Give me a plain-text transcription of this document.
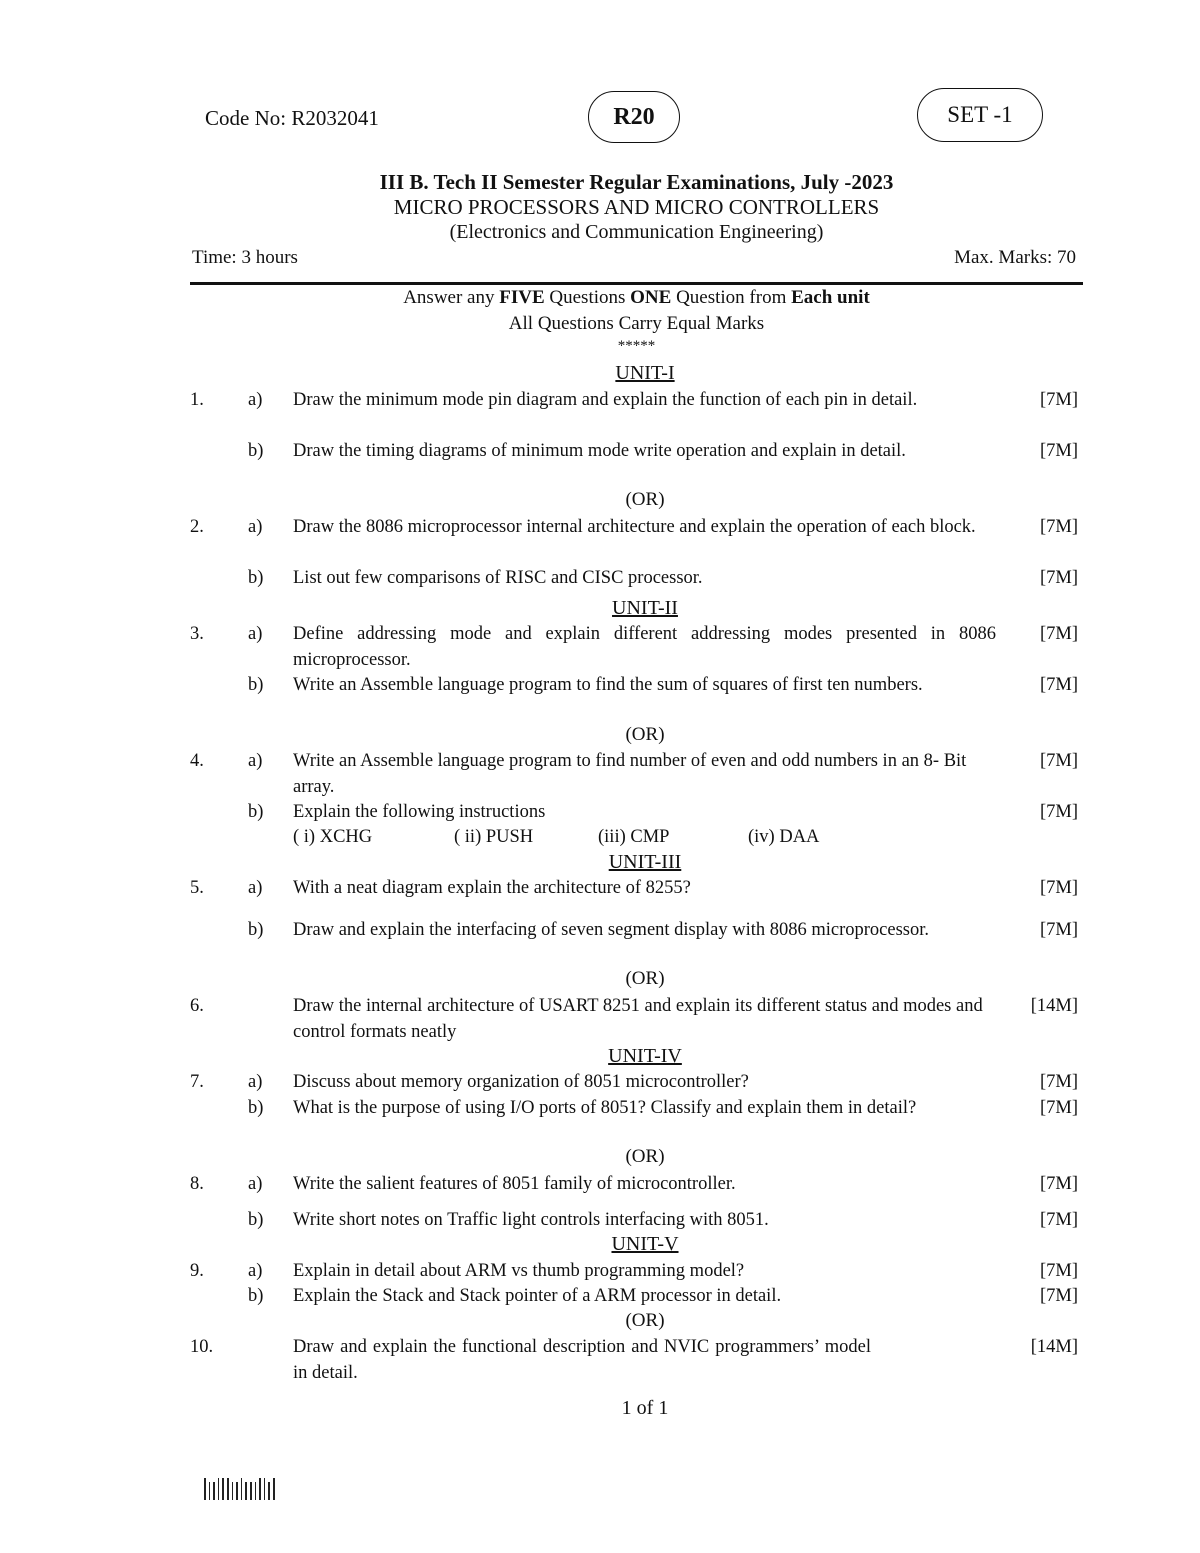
Code No: R2032041	R20	SET -1
III B. Tech II Semester Regular Examinations, July -2023
MICRO PROCESSORS AND MICRO CONTROLLERS
(Electronics and Communication Engineering)
Time: 3 hours	Max. Marks: 70
Answer any FIVE Questions ONE Question from Each unit
All Questions Carry Equal Marks
*****
UNIT-I
1. a) Draw the minimum mode pin diagram and explain the function of each pin in detail.	[7M]
b) Draw the timing diagrams of minimum mode write operation and explain in detail.	[7M]
(OR)
2. a) Draw the 8086 microprocessor internal architecture and explain the operation of each block.	[7M]
b) List out few comparisons of RISC and CISC processor.	[7M]
UNIT-II
3. a) Define addressing mode and explain different addressing modes presented in 8086 microprocessor.
[7M]
b) Write an Assemble language program to find the sum of squares of first ten numbers.	[7M]
(OR)
4. a) Write an Assemble language program to find number of even and odd numbers in an 8- Bit array.
[7M]
b) Explain the following instructions	[7M]
( i) XCHG	( ii) PUSH	(iii) CMP	(iv) DAA
UNIT-III
5. a) With a neat diagram explain the architecture of 8255?	[7M]
b) Draw and explain the interfacing of seven segment display with 8086 microprocessor.	[7M]
(OR)
6.	Draw the internal architecture of USART 8251 and explain its different status and modes and control formats neatly
[14M]
UNIT-IV
7. a) Discuss about memory organization of 8051 microcontroller?	[7M]
b) What is the purpose of using I/O ports of 8051? Classify and explain them in detail?	[7M]
(OR)
8. a) Write the salient features of 8051 family of microcontroller.	[7M]
b) Write short notes on Traffic light controls interfacing with 8051.	[7M]
UNIT-V
9. a) Explain in detail about ARM vs thumb programming model?	[7M]
b) Explain the Stack and Stack pointer of a ARM processor in detail.	[7M]
(OR)
10.	Draw and explain the functional description and NVIC programmers’ model in detail.
[14M]
1 of 1
